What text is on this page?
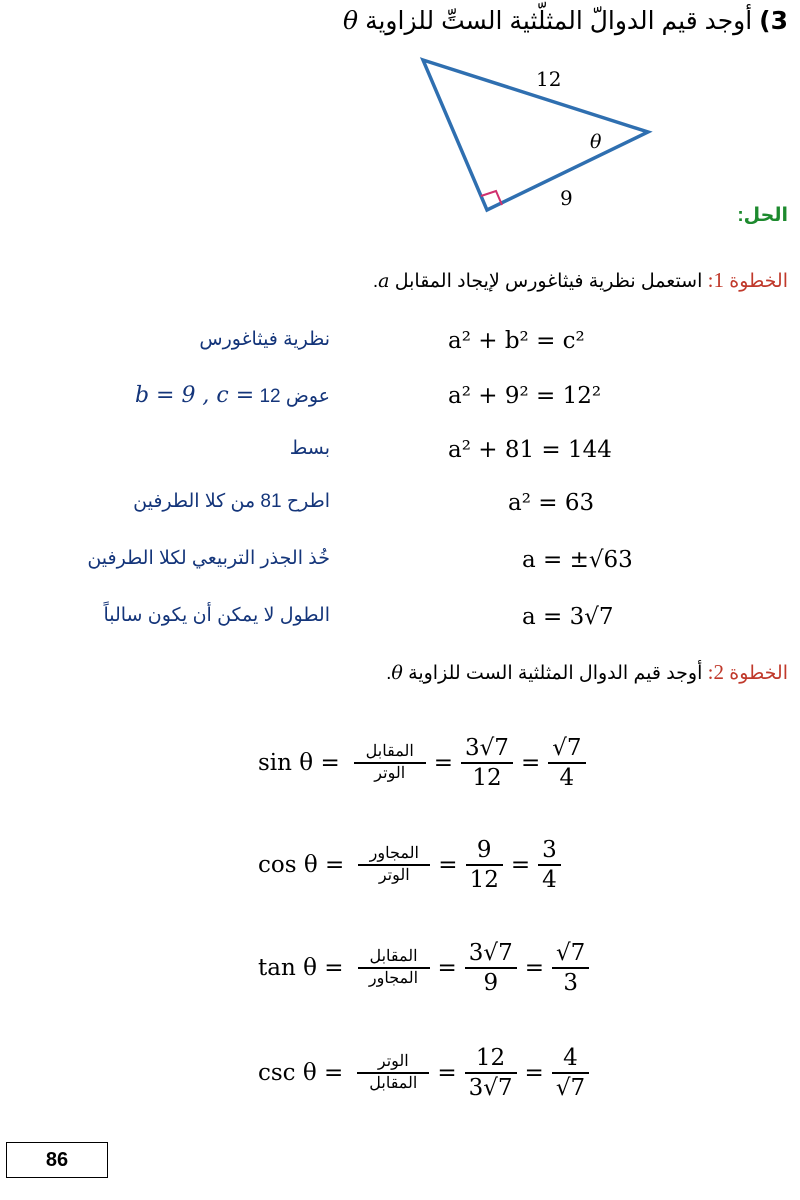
3) أوجد قيم الدوالّ المثلّثية الستِّ للزاوية θ
12
θ
9
الحل:
الخطوة 1: استعمل نظرية فيثاغورس لإيجاد المقابل a.
نظرية فيثاغورس	a² + b² = c²
عوض 12 b = 9 , c =	a² + 9² = 12²
بسط	a² + 81 = 144
اطرح 81 من كلا الطرفين	a² = 63
خُذ الجذر التربيعي لكلا الطرفين	a = ±√63
الطول لا يمكن أن يكون سالباً	a = 3√7
الخطوة 2: أوجد قيم الدوال المثلثية الست للزاوية θ.
$\sin \theta = \frac{\text{المقابل}}{\text{الوتر}} = \frac{3√7}{12} = \frac{√7}{4}$
$\cos \theta = \frac{\text{المجاور}}{\text{الوتر}} = \frac{9}{12} = \frac{3}{4}$
$\tan \theta = \frac{\text{المقابل}}{\text{المجاور}} = \frac{3√7}{9} = \frac{√7}{3}$
$\csc \theta = \frac{\text{الوتر}}{\text{المقابل}} = \frac{12}{3√7} = \frac{4}{√7}$
86
